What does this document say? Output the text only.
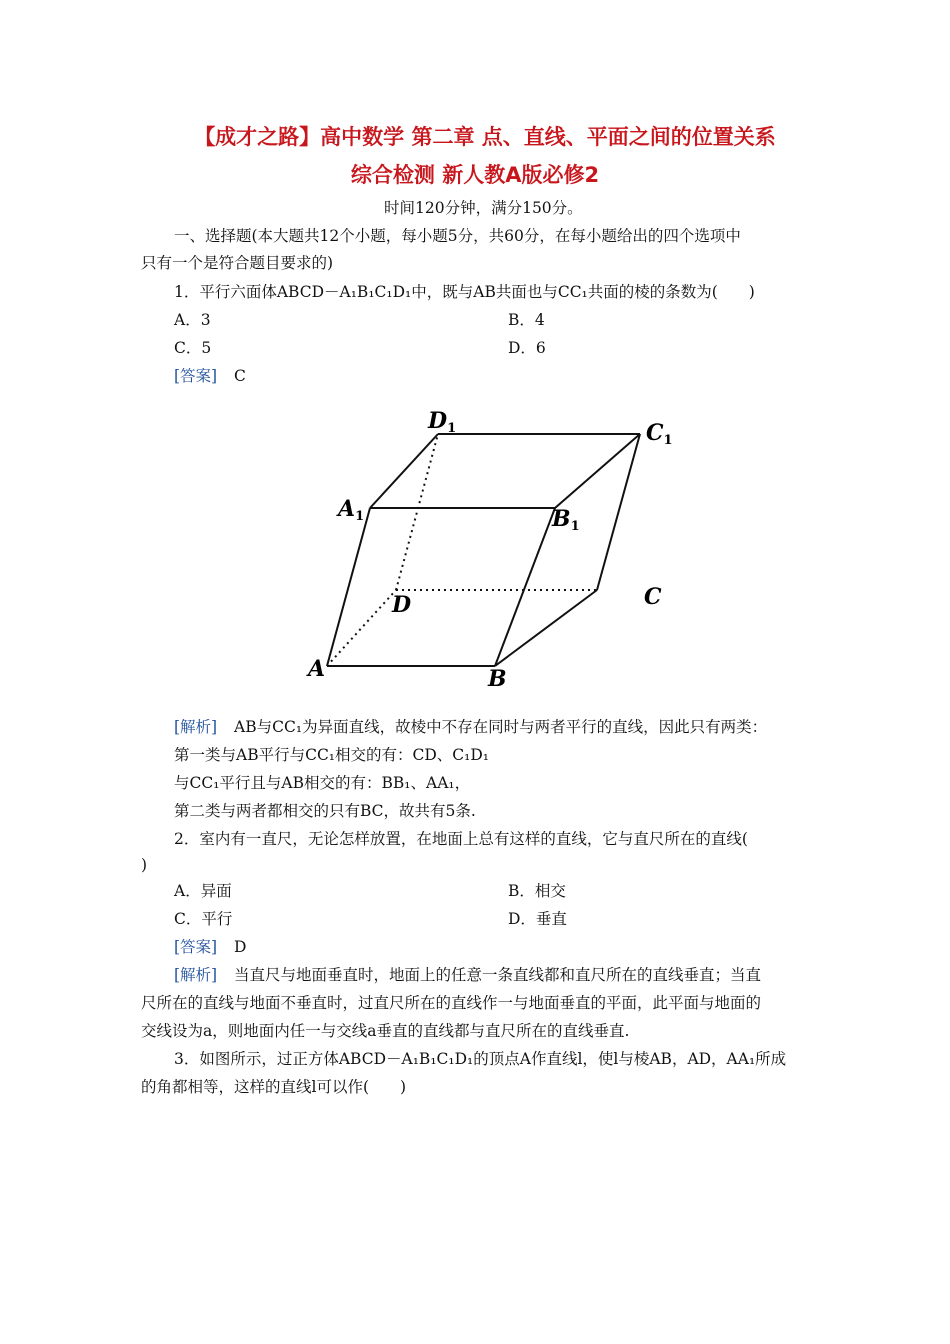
【成才之路】高中数学 第二章 点、直线、平面之间的位置关系
综合检测 新人教A版必修2
时间120分钟，满分150分。
一、选择题(本大题共12个小题，每小题5分，共60分，在每小题给出的四个选项中
只有一个是符合题目要求的)
1．平行六面体ABCD－A₁B₁C₁D₁中，既与AB共面也与CC₁共面的棱的条数为(　　)
A．3	B．4
C．5	D．6
[答案] C
D1	C1
A1	B1
D	C
A	B
[解析] AB与CC₁为异面直线，故棱中不存在同时与两者平行的直线，因此只有两类：
第一类与AB平行与CC₁相交的有：CD、C₁D₁
与CC₁平行且与AB相交的有：BB₁、AA₁，
第二类与两者都相交的只有BC，故共有5条.
2．室内有一直尺，无论怎样放置，在地面上总有这样的直线，它与直尺所在的直线(
)
A．异面	B．相交
C．平行	D．垂直
[答案] D
[解析] 当直尺与地面垂直时，地面上的任意一条直线都和直尺所在的直线垂直；当直
尺所在的直线与地面不垂直时，过直尺所在的直线作一与地面垂直的平面，此平面与地面的
交线设为a，则地面内任一与交线a垂直的直线都与直尺所在的直线垂直.
3．如图所示，过正方体ABCD－A₁B₁C₁D₁的顶点A作直线l，使l与棱AB，AD，AA₁所成
的角都相等，这样的直线l可以作(　　)
